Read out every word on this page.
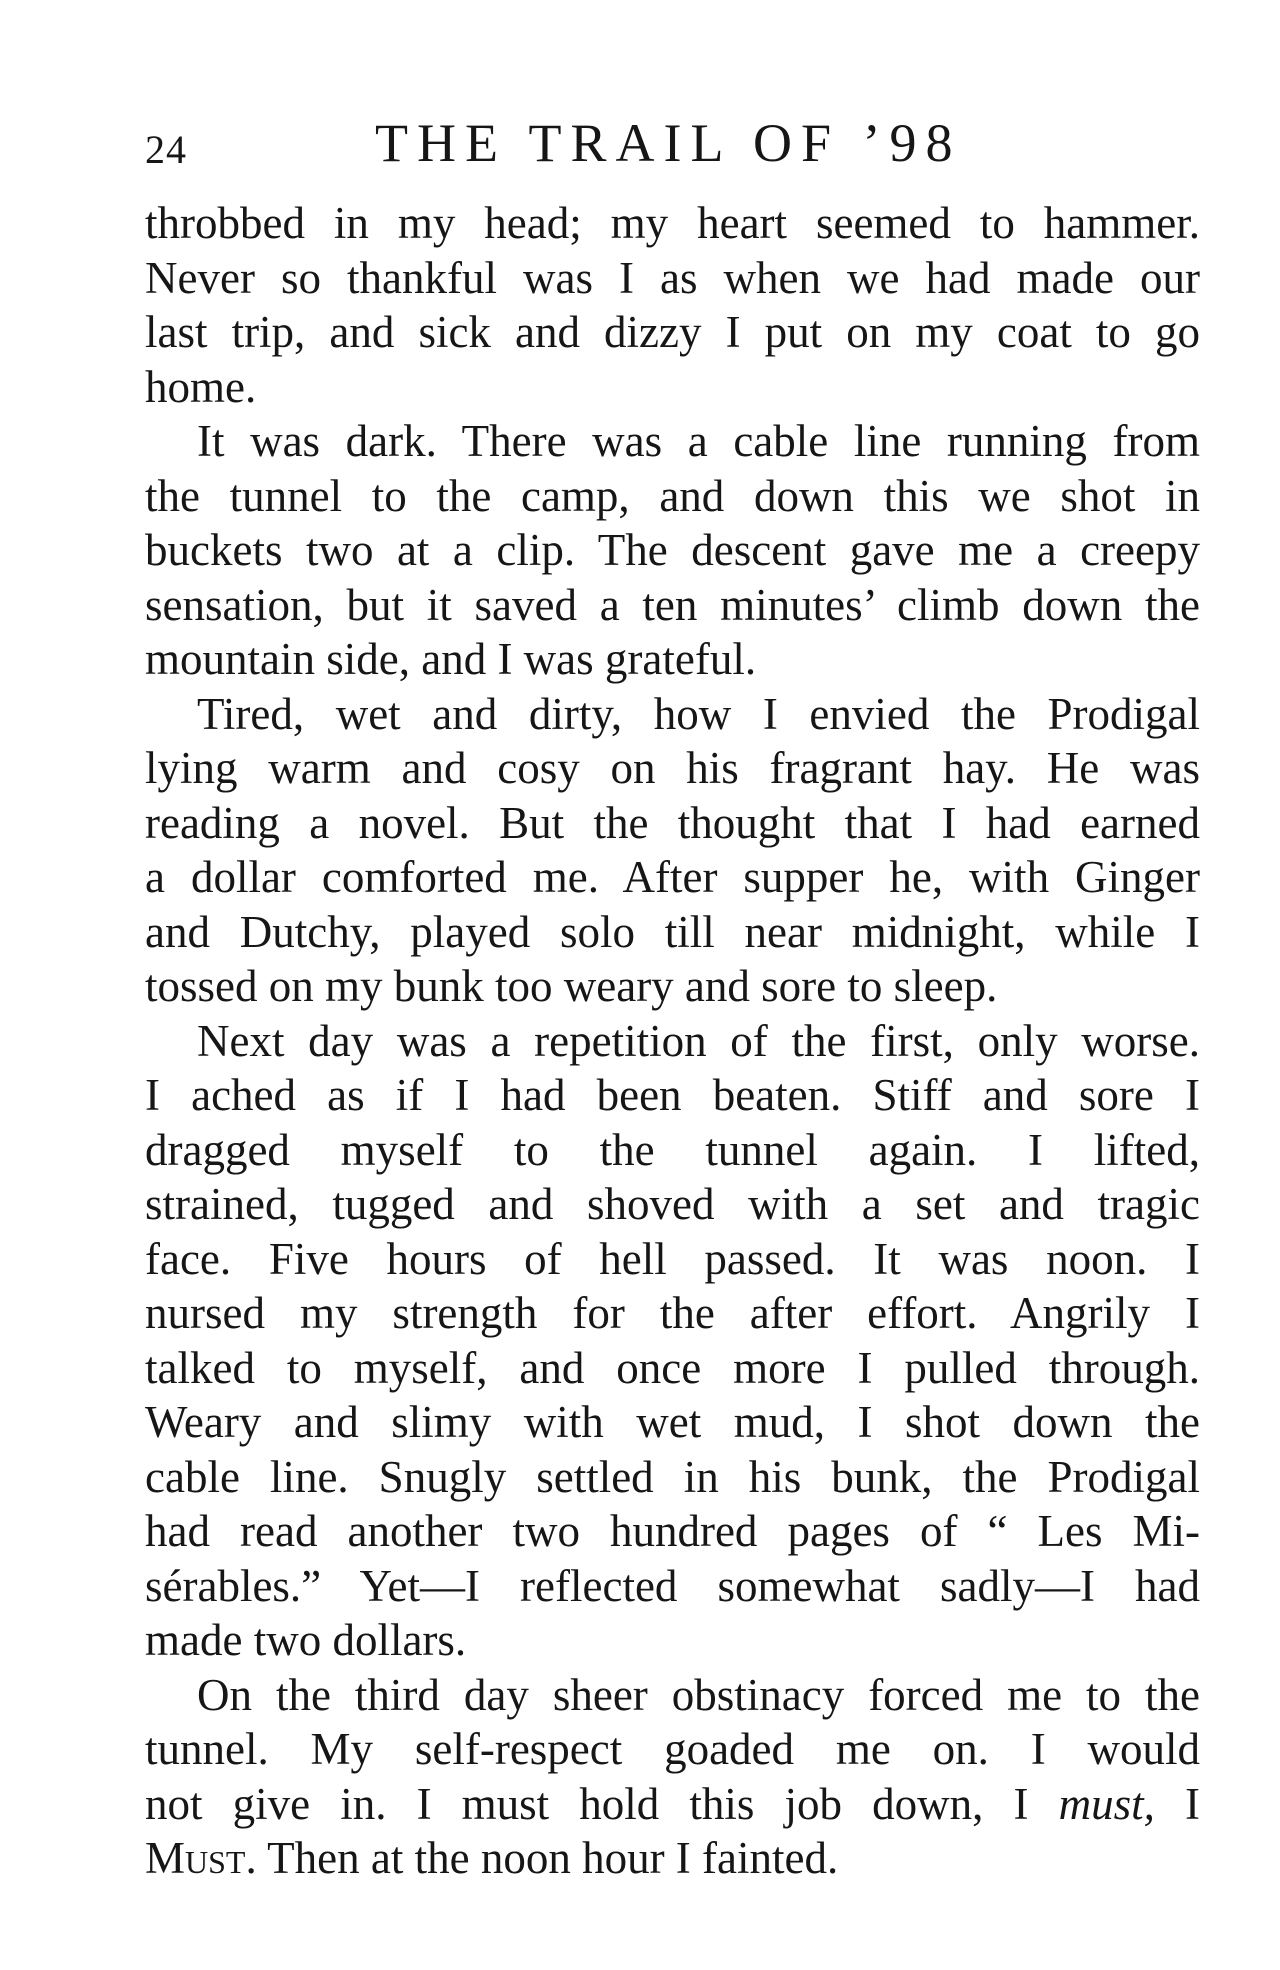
24	THE TRAIL OF ’98

throbbed in my head; my heart seemed to hammer.
Never so thankful was I as when we had made our
last trip, and sick and dizzy I put on my coat to go
home.

It was dark. There was a cable line running from
the tunnel to the camp, and down this we shot in
buckets two at a clip. The descent gave me a creepy
sensation, but it saved a ten minutes’ climb down the
mountain side, and I was grateful.

Tired, wet and dirty, how I envied the Prodigal
lying warm and cosy on his fragrant hay. He was
reading a novel. But the thought that I had earned
a dollar comforted me. After supper he, with Ginger
and Dutchy, played solo till near midnight, while I
tossed on my bunk too weary and sore to sleep.

Next day was a repetition of the first, only worse.
I ached as if I had been beaten. Stiff and sore I
dragged myself to the tunnel again. I lifted,
strained, tugged and shoved with a set and tragic
face. Five hours of hell passed. It was noon. I
nursed my strength for the after effort. Angrily I
talked to myself, and once more I pulled through.
Weary and slimy with wet mud, I shot down the
cable line. Snugly settled in his bunk, the Prodigal
had read another two hundred pages of “ Les Mi-
sérables.” Yet—I reflected somewhat sadly—I had
made two dollars.

On the third day sheer obstinacy forced me to the
tunnel. My self-respect goaded me on. I would
not give in. I must hold this job down, I must, I
Must. Then at the noon hour I fainted.
